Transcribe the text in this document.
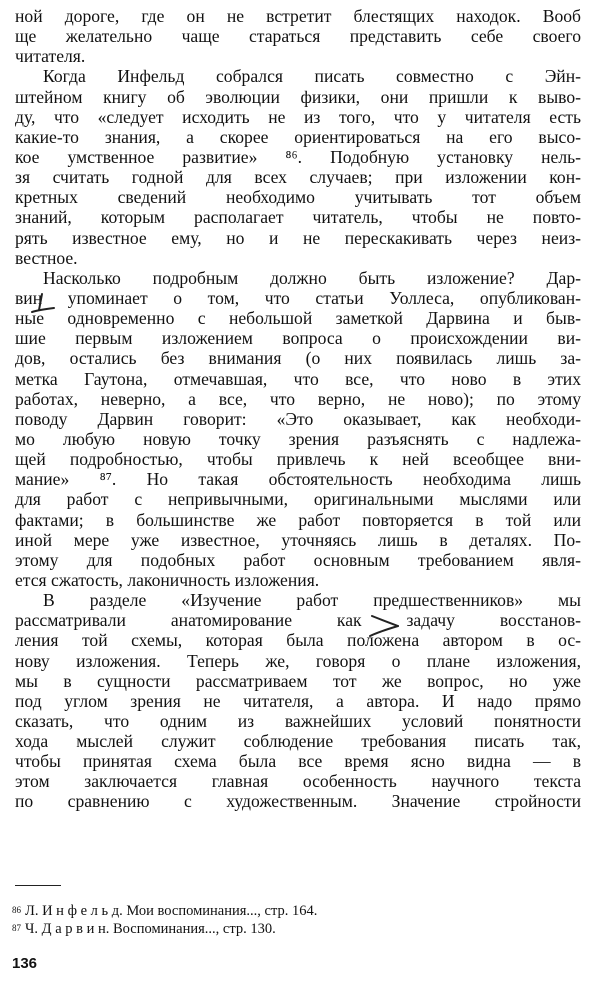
ной дороге, где он не встретит блестящих находок. Вооб
ще желательно чаще стараться представить себе своего
читателя.
Когда Инфельд собрался писать совместно с Эйн-
штейном книгу об эволюции физики, они пришли к выво-
ду, что «следует исходить не из того, что у читателя есть
какие-то знания, а скорее ориентироваться на его высо-
кое умственное развитие» ⁸⁶. Подобную установку нель-
зя считать годной для всех случаев; при изложении кон-
кретных сведений необходимо учитывать тот объем
знаний, которым располагает читатель, чтобы не повто-
рять известное ему, но и не перескакивать через неиз-
вестное.
Насколько подробным должно быть изложение? Дар-
вин упоминает о том, что статьи Уоллеса, опубликован-
ные одновременно с небольшой заметкой Дарвина и быв-
шие первым изложением вопроса о происхождении ви-
дов, остались без внимания (о них появилась лишь за-
метка Гаутона, отмечавшая, что все, что ново в этих
работах, неверно, а все, что верно, не ново); по этому
поводу Дарвин говорит: «Это оказывает, как необходи-
мо любую новую точку зрения разъяснять с надлежа-
щей подробностью, чтобы привлечь к ней всеобщее вни-
мание» ⁸⁷. Но такая обстоятельность необходима лишь
для работ с непривычными, оригинальными мыслями или
фактами; в большинстве же работ повторяется в той или
иной мере уже известное, уточняясь лишь в деталях. По-
этому для подобных работ основным требованием явля-
ется сжатость, лаконичность изложения.
В разделе «Изучение работ предшественников» мы
рассматривали анатомирование как задачу восстанов-
ления той схемы, которая была положена автором в ос-
нову изложения. Теперь же, говоря о плане изложения,
мы в сущности рассматриваем тот же вопрос, но уже
под углом зрения не читателя, а автора. И надо прямо
сказать, что одним из важнейших условий понятности
хода мыслей служит соблюдение требования писать так,
чтобы принятая схема была все время ясно видна — в
этом заключается главная особенность научного текста
по сравнению с художественным. Значение стройности
$^{86}$ Л. И н ф е л ь д. Мои воспоминания..., стр. 164.
$^{87}$ Ч. Д а р в и н. Воспоминания..., стр. 130.
136
